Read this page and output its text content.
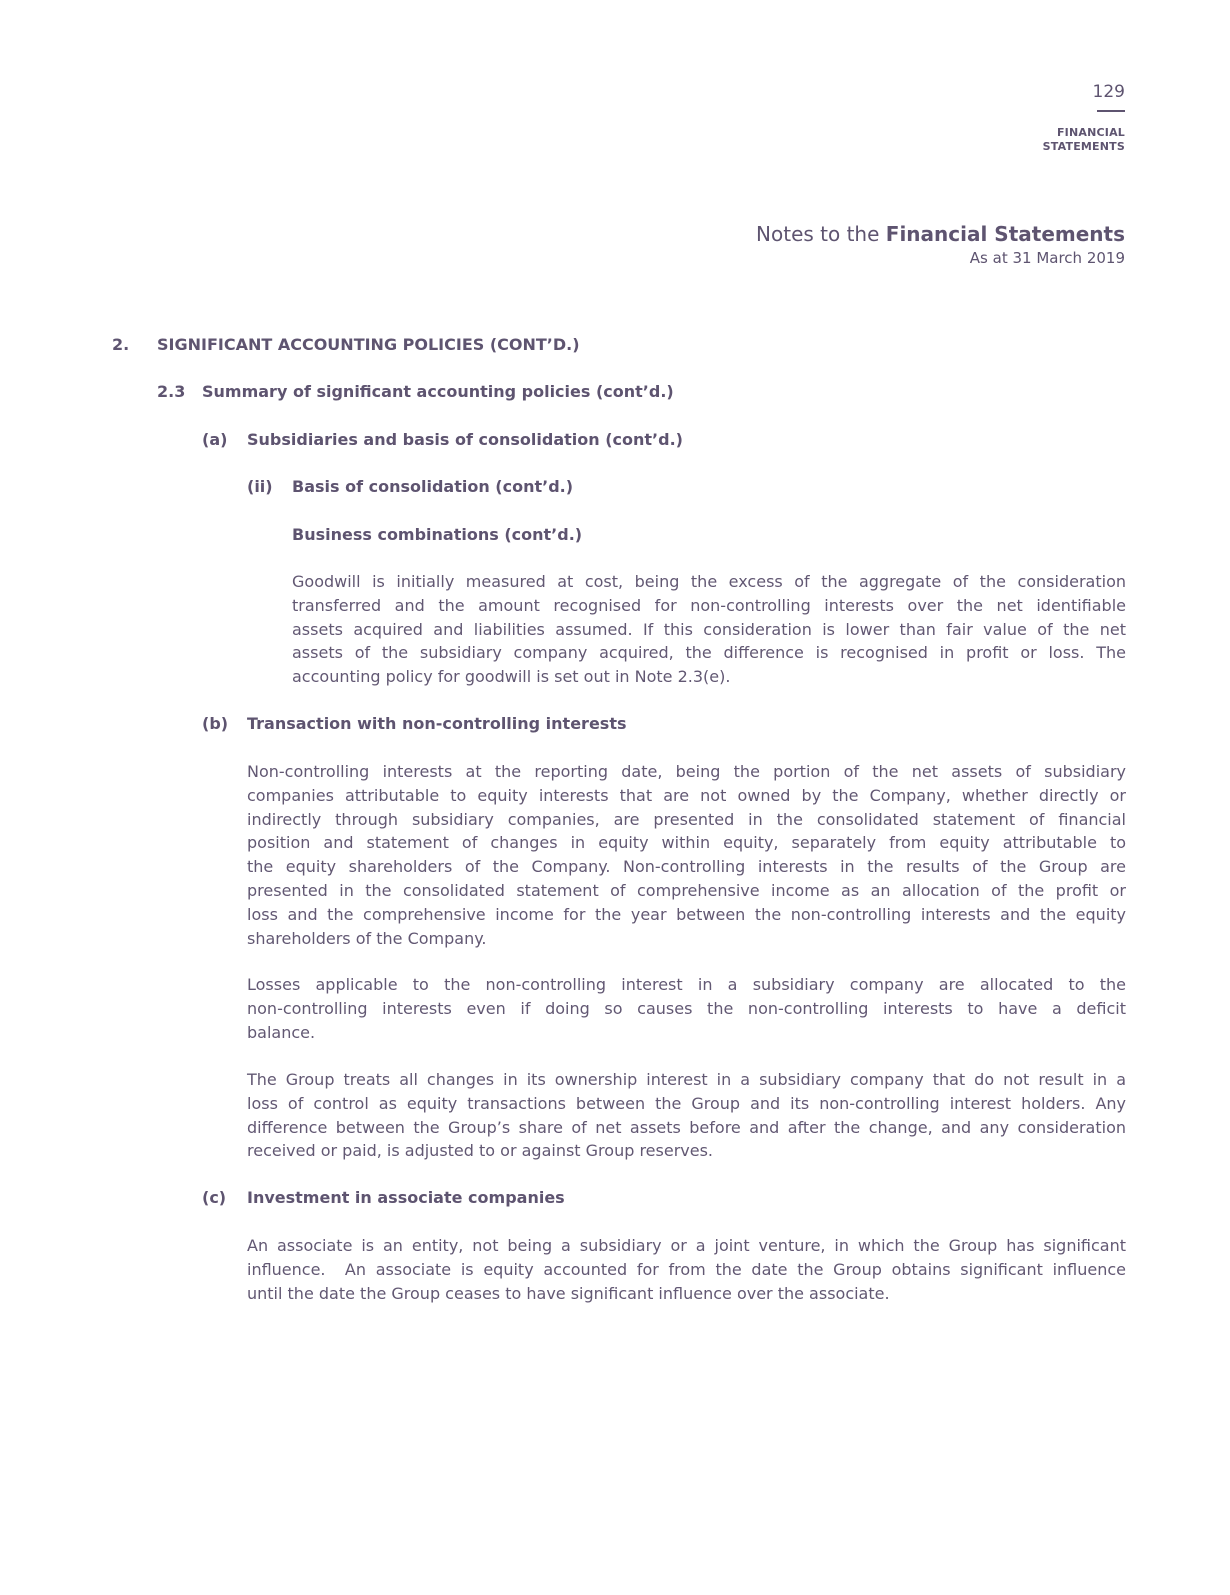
129
FINANCIAL
STATEMENTS
Notes to the Financial Statements
As at 31 March 2019
2. SIGNIFICANT ACCOUNTING POLICIES (CONT’D.)
2.3 Summary of significant accounting policies (cont’d.)
(a) Subsidiaries and basis of consolidation (cont’d.)
(ii) Basis of consolidation (cont’d.)
Business combinations (cont’d.)
Goodwill is initially measured at cost, being the excess of the aggregate of the consideration
transferred and the amount recognised for non-controlling interests over the net identifiable
assets acquired and liabilities assumed. If this consideration is lower than fair value of the net
assets of the subsidiary company acquired, the difference is recognised in profit or loss. The
accounting policy for goodwill is set out in Note 2.3(e).
(b) Transaction with non-controlling interests
Non-controlling interests at the reporting date, being the portion of the net assets of subsidiary
companies attributable to equity interests that are not owned by the Company, whether directly or
indirectly through subsidiary companies, are presented in the consolidated statement of financial
position and statement of changes in equity within equity, separately from equity attributable to
the equity shareholders of the Company. Non-controlling interests in the results of the Group are
presented in the consolidated statement of comprehensive income as an allocation of the profit or
loss and the comprehensive income for the year between the non-controlling interests and the equity
shareholders of the Company.
Losses applicable to the non-controlling interest in a subsidiary company are allocated to the
non-controlling interests even if doing so causes the non-controlling interests to have a deficit
balance.
The Group treats all changes in its ownership interest in a subsidiary company that do not result in a
loss of control as equity transactions between the Group and its non-controlling interest holders. Any
difference between the Group’s share of net assets before and after the change, and any consideration
received or paid, is adjusted to or against Group reserves.
(c) Investment in associate companies
An associate is an entity, not being a subsidiary or a joint venture, in which the Group has significant
influence.  An associate is equity accounted for from the date the Group obtains significant influence
until the date the Group ceases to have significant influence over the associate.
